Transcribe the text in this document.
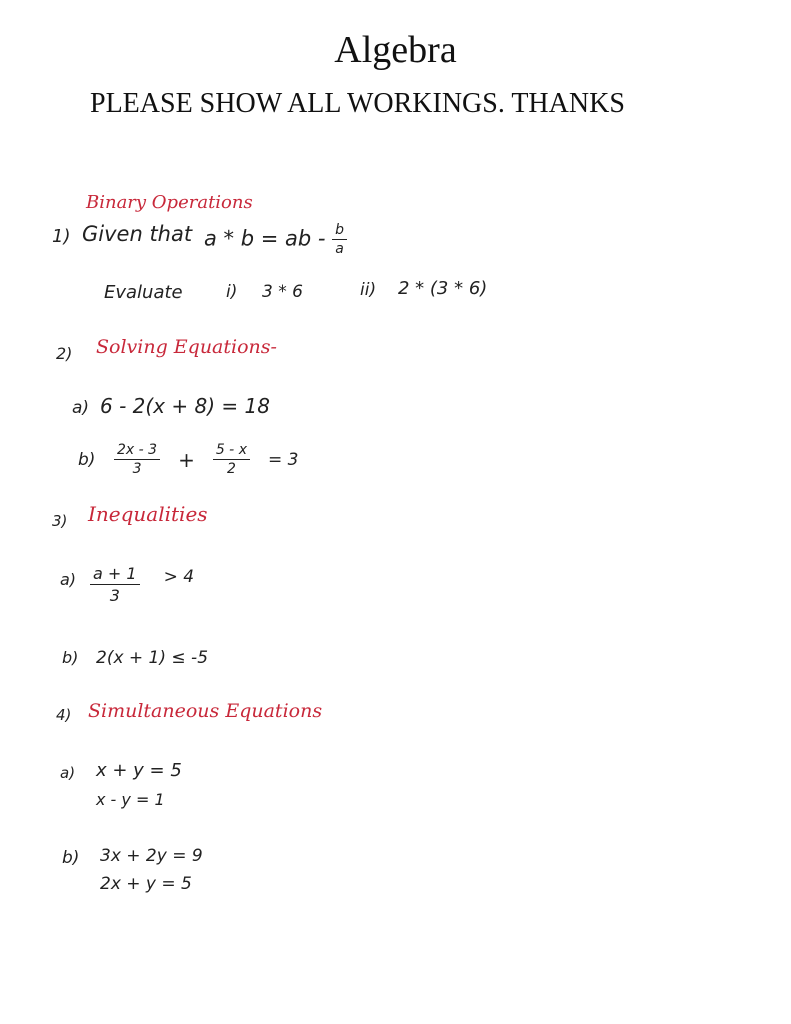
Algebra
PLEASE SHOW ALL WORKINGS. THANKS
Binary Operations
1) Given that a * b = ab - $\frac{b}{a}$
Evaluate	i) 3 * 6	ii) 2 * (3 * 6)
2) Solving Equations-
a) 6 - 2(x + 8) = 18
$b) \frac{2x - 3}{3} + \frac{5 - x}{2} = 3$
3) Inequalities
$a) \frac{a + 1}{3} > 4$
b) 2(x + 1) ≤ -5
4) Simultaneous Equations
a) x + y = 5
x - y = 1
b) 3x + 2y = 9
2x + y = 5
